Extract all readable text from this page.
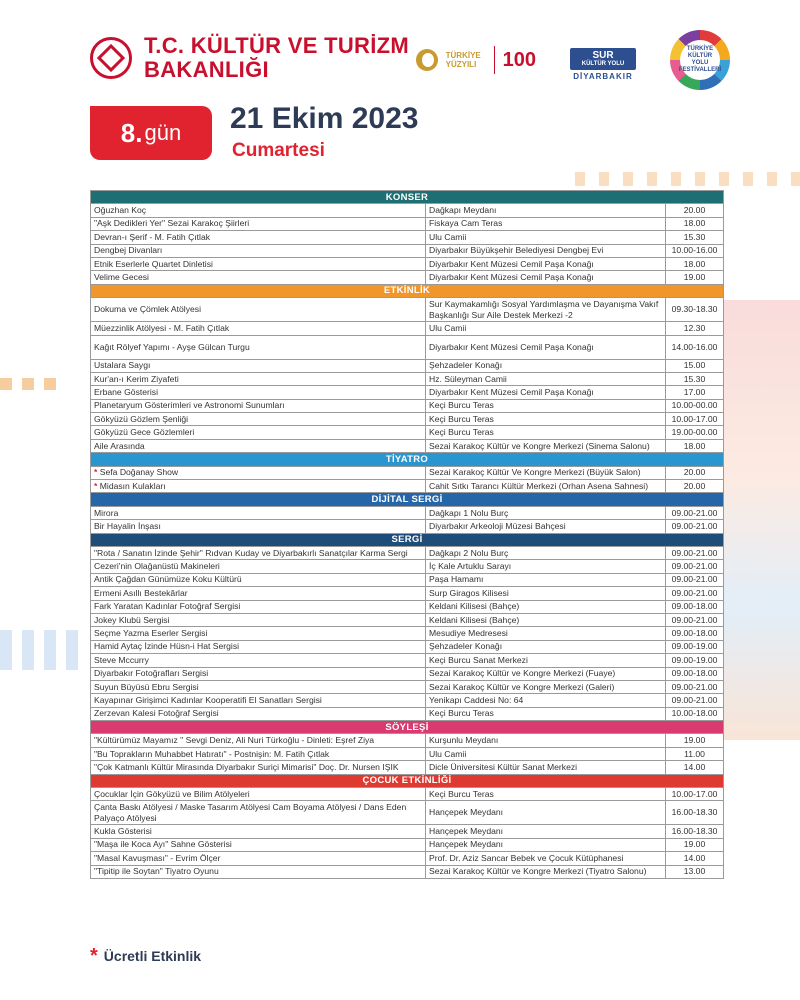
T.C. KÜLTÜR VE TURİZM
BAKANLIĞI
TÜRKİYE YÜZYILI	100	SUR
KÜLTÜR YOLU
DİYARBAKIR
TÜRKİYE KÜLTÜR YOLU FESTİVALLERİ
8. gün 21 Ekim 2023
Cumartesi
KONSER		
Oğuzhan Koç	Dağkapı Meydanı	20.00
"Aşk Dedikleri Yer" Sezai Karakoç Şiirleri	Fiskaya Cam Teras	18.00
Devran-ı Şerif - M. Fatih Çıtlak	Ulu Camii	15.30
Dengbej Divanları	Diyarbakır Büyükşehir Belediyesi Dengbej Evi	10.00-16.00
Etnik Eserlerle Quartet Dinletisi	Diyarbakır Kent Müzesi Cemil Paşa Konağı	18.00
Velime Gecesi	Diyarbakır Kent Müzesi Cemil Paşa Konağı	19.00
ETKİNLİK		
Dokuma ve Çömlek Atölyesi	Sur Kaymakamlığı Sosyal Yardımlaşma ve Dayanışma Vakıf Başkanlığı Sur Aile Destek Merkezi -2	09.30-18.30
Müezzinlik Atölyesi - M. Fatih Çıtlak	Ulu Camii	12.30
Kağıt Rölyef Yapımı - Ayşe Gülcan Turgu	Diyarbakır Kent Müzesi Cemil Paşa Konağı	14.00-16.00
Ustalara Saygı	Şehzadeler Konağı	15.00
Kur'an-ı Kerim Ziyafeti	Hz. Süleyman Camii	15.30
Erbane Gösterisi	Diyarbakır Kent Müzesi Cemil Paşa Konağı	17.00
Planetaryum Gösterimleri ve Astronomi Sunumları	Keçi Burcu Teras	10.00-00.00
Gökyüzü Gözlem Şenliği	Keçi Burcu Teras	10.00-17.00
Gökyüzü Gece Gözlemleri	Keçi Burcu Teras	19.00-00.00
Aile Arasında	Sezai Karakoç Kültür ve Kongre Merkezi (Sinema Salonu)	18.00
TİYATRO		
* Sefa Doğanay Show	Sezai Karakoç Kültür Ve Kongre Merkezi (Büyük Salon)	20.00
* Midasın Kulakları	Cahit Sıtkı Tarancı Kültür Merkezi (Orhan Asena Sahnesi)	20.00
DİJİTAL SERGİ		
Mirora	Dağkapı 1 Nolu Burç	09.00-21.00
Bir Hayalin İnşası	Diyarbakır Arkeoloji Müzesi Bahçesi	09.00-21.00
SERGİ		
"Rota / Sanatın İzinde Şehir" Rıdvan Kuday ve Diyarbakırlı Sanatçılar Karma Sergi	Dağkapı 2 Nolu Burç	09.00-21.00
Cezeri'nin Olağanüstü Makineleri	İç Kale Artuklu Sarayı	09.00-21.00
Antik Çağdan Günümüze Koku Kültürü	Paşa Hamamı	09.00-21.00
Ermeni Asıllı Bestekârlar	Surp Giragos Kilisesi	09.00-21.00
Fark Yaratan Kadınlar Fotoğraf Sergisi	Keldani Kilisesi (Bahçe)	09.00-18.00
Jokey Klubü Sergisi	Keldani Kilisesi (Bahçe)	09.00-21.00
Seçme Yazma Eserler Sergisi	Mesudiye Medresesi	09.00-18.00
Hamid Aytaç İzinde Hüsn-i Hat Sergisi	Şehzadeler Konağı	09.00-19.00
Steve Mccurry	Keçi Burcu Sanat Merkezi	09.00-19.00
Diyarbakır Fotoğrafları Sergisi	Sezai Karakoç Kültür ve Kongre Merkezi (Fuaye)	09.00-18.00
Suyun Büyüsü Ebru Sergisi	Sezai Karakoç Kültür ve Kongre Merkezi (Galeri)	09.00-21.00
Kayapınar Girişimci Kadınlar Kooperatifi El Sanatları Sergisi	Yenikapı Caddesi No: 64	09.00-21.00
Zerzevan Kalesi Fotoğraf Sergisi	Keçi Burcu Teras	10.00-18.00
SÖYLEŞİ		
"Kültürümüz Mayamız " Sevgi Deniz, Ali Nuri Türkoğlu - Dinleti: Eşref Ziya	Kurşunlu Meydanı	19.00
"Bu Toprakların Muhabbet Hatıratı" - Postnişin: M. Fatih Çıtlak	Ulu Camii	11.00
"Çok Katmanlı Kültür Mirasında Diyarbakır Suriçi Mimarisi" Doç. Dr. Nursen IŞIK	Dicle Üniversitesi Kültür Sanat Merkezi	14.00
ÇOCUK ETKİNLİĞİ		
Çocuklar İçin Gökyüzü ve Bilim Atölyeleri	Keçi Burcu Teras	10.00-17.00
Çanta Baskı Atölyesi / Maske Tasarım Atölyesi Cam Boyama Atölyesi / Dans Eden Palyaço Atölyesi	Hançepek Meydanı	16.00-18.30
Kukla Gösterisi	Hançepek Meydanı	16.00-18.30
"Maşa ile Koca Ayı" Sahne Gösterisi	Hançepek Meydanı	19.00
"Masal Kavuşması" - Evrim Ölçer	Prof. Dr. Aziz Sancar Bebek ve Çocuk Kütüphanesi	14.00
"Tipitip ile Soytan" Tiyatro Oyunu	Sezai Karakoç Kültür ve Kongre Merkezi (Tiyatro Salonu)	13.00
* Ücretli Etkinlik
